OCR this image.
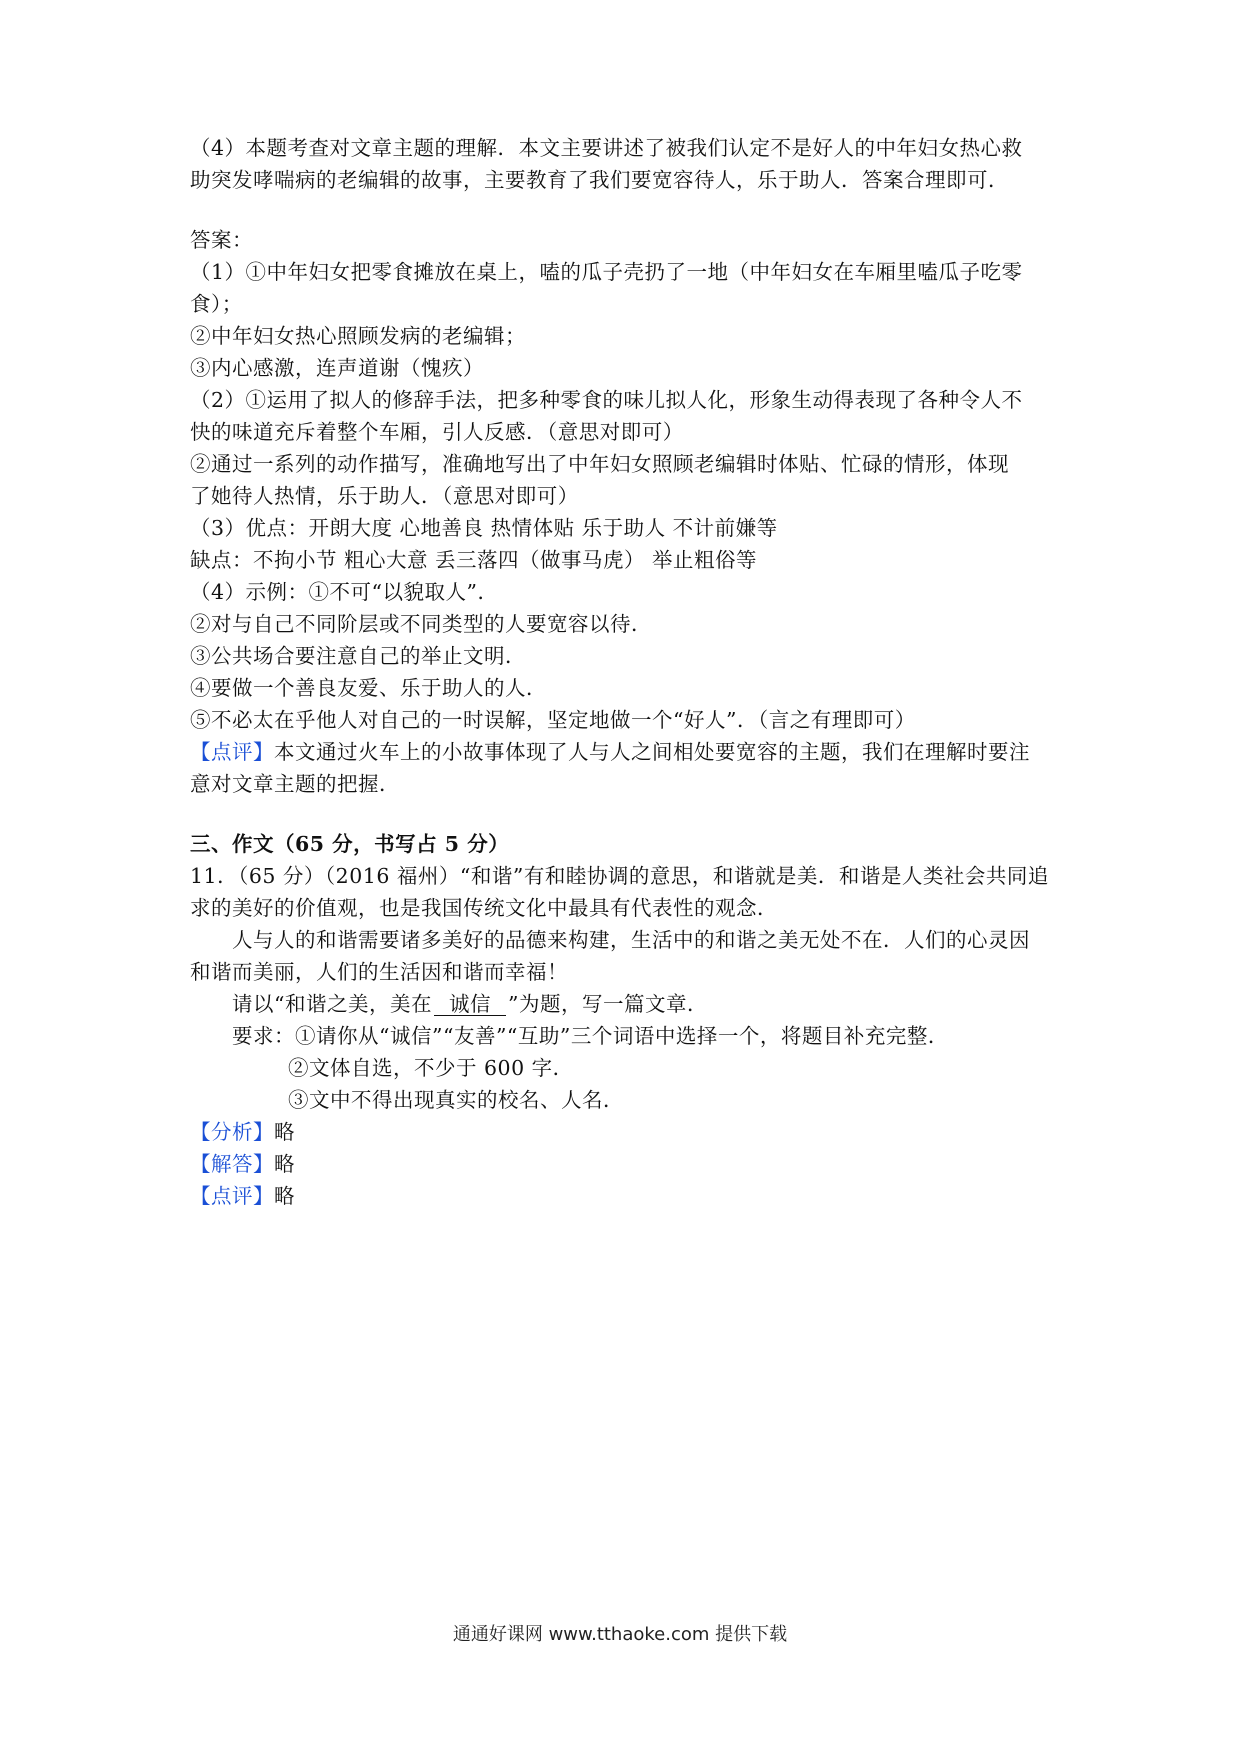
（4）本题考查对文章主题的理解．本文主要讲述了被我们认定不是好人的中年妇女热心救
助突发哮喘病的老编辑的故事，主要教育了我们要宽容待人，乐于助人．答案合理即可．
答案：
（1）①中年妇女把零食摊放在桌上，嗑的瓜子壳扔了一地（中年妇女在车厢里嗑瓜子吃零
食）；
②中年妇女热心照顾发病的老编辑；
③内心感激，连声道谢（愧疚）
（2）①运用了拟人的修辞手法，把多种零食的味儿拟人化，形象生动得表现了各种令人不
快的味道充斥着整个车厢，引人反感．（意思对即可）
②通过一系列的动作描写，准确地写出了中年妇女照顾老编辑时体贴、忙碌的情形，体现
了她待人热情，乐于助人．（意思对即可）
（3）优点：开朗大度 心地善良 热情体贴 乐于助人 不计前嫌等
缺点：不拘小节 粗心大意 丢三落四（做事马虎） 举止粗俗等
（4）示例：①不可“以貌取人”．
②对与自己不同阶层或不同类型的人要宽容以待．
③公共场合要注意自己的举止文明．
④要做一个善良友爱、乐于助人的人．
⑤不必太在乎他人对自己的一时误解，坚定地做一个“好人”．（言之有理即可）
【点评】本文通过火车上的小故事体现了人与人之间相处要宽容的主题，我们在理解时要注
意对文章主题的把握．
三、作文（65 分，书写占 5 分）
11．（65 分）（2016 福州）“和谐”有和睦协调的意思，和谐就是美．和谐是人类社会共同追
求的美好的价值观，也是我国传统文化中最具有代表性的观念．
人与人的和谐需要诸多美好的品德来构建，生活中的和谐之美无处不在．人们的心灵因
和谐而美丽，人们的生活因和谐而幸福！
请以“和谐之美，美在 诚信 ”为题，写一篇文章．
要求：①请你从“诚信”“友善”“互助”三个词语中选择一个，将题目补充完整．
②文体自选，不少于 600 字．
③文中不得出现真实的校名、人名．
【分析】略
【解答】略
【点评】略
通通好课网 www.tthaoke.com 提供下载
